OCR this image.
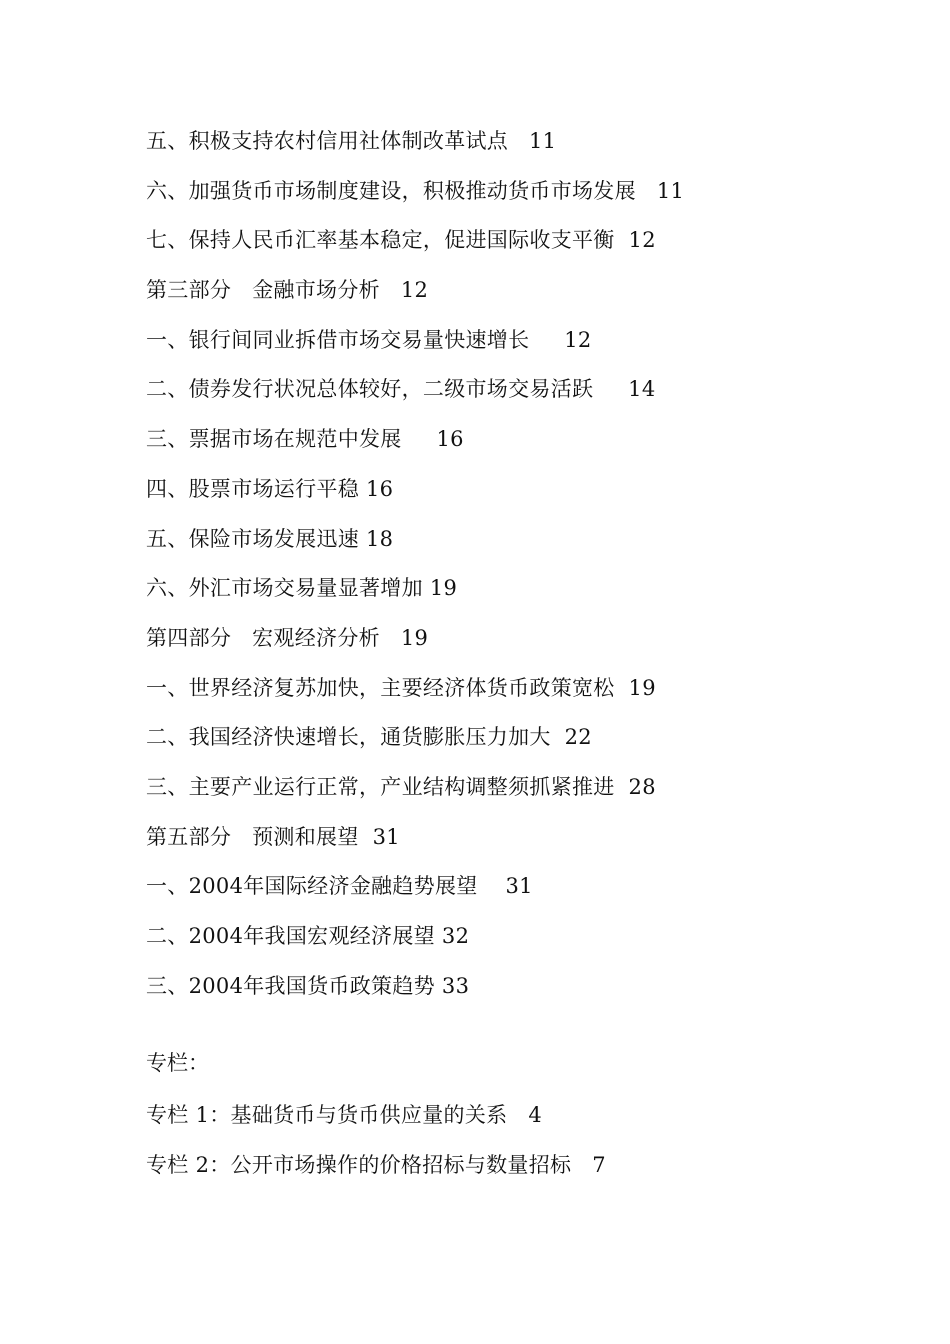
五、积极支持农村信用社体制改革试点   11
六、加强货币市场制度建设，积极推动货币市场发展   11
七、保持人民币汇率基本稳定，促进国际收支平衡  12
第三部分   金融市场分析   12
一、银行间同业拆借市场交易量快速增长     12
二、债券发行状况总体较好，二级市场交易活跃     14
三、票据市场在规范中发展     16
四、股票市场运行平稳 16
五、保险市场发展迅速 18
六、外汇市场交易量显著增加 19
第四部分   宏观经济分析   19
一、世界经济复苏加快，主要经济体货币政策宽松  19
二、我国经济快速增长，通货膨胀压力加大  22
三、主要产业运行正常，产业结构调整须抓紧推进  28
第五部分   预测和展望  31
一、2004年国际经济金融趋势展望    31
二、2004年我国宏观经济展望 32
三、2004年我国货币政策趋势 33
专栏：
专栏 1：基础货币与货币供应量的关系   4
专栏 2：公开市场操作的价格招标与数量招标   7
